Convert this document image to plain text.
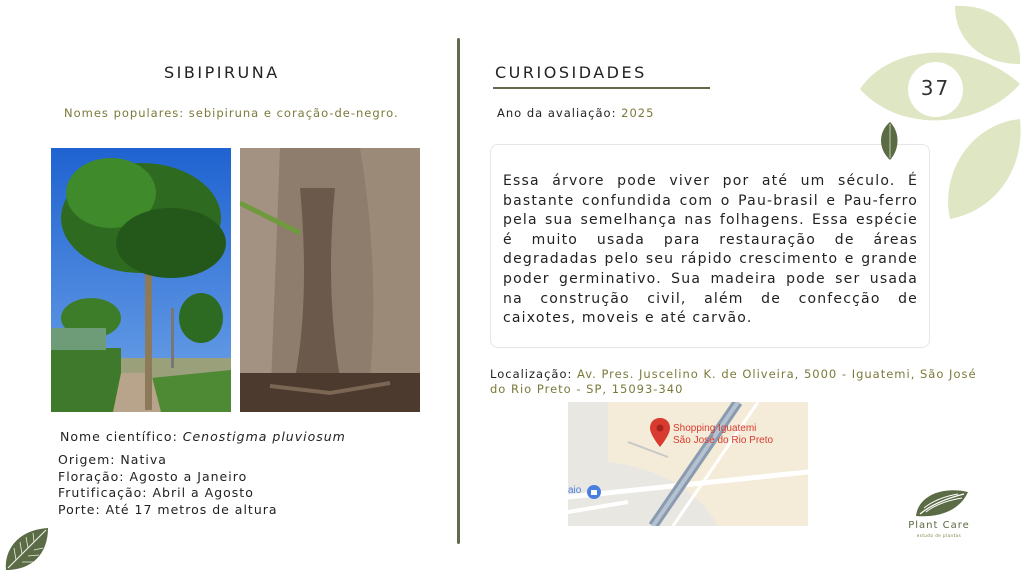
SIBIPIRUNA
Nomes populares: sebipiruna e coração-de-negro.
Nome científico: Cenostigma pluviosum
Origem: Nativa
Floração: Agosto a Janeiro
Frutificação: Abril a Agosto
Porte: Até 17 metros de altura
CURIOSIDADES
Ano da avaliação: 2025

Essa árvore pode viver por até um século. É bastante confundida com o Pau-brasil e Pau-ferro pela sua semelhança nas folhagens. Essa espécie é muito usada para restauração de áreas degradadas pelo seu rápido crescimento e grande poder germinativo. Sua madeira pode ser usada na construção civil, além de confecção de caixotes, moveis e até carvão.

Localização: Av. Pres. Juscelino K. de Oliveira, 5000 - Iguatemi, São José do Rio Preto - SP, 15093-340
Shopping Iguatemi
São José do Rio Preto
aio
37
Plant Care
estudo de plantas
